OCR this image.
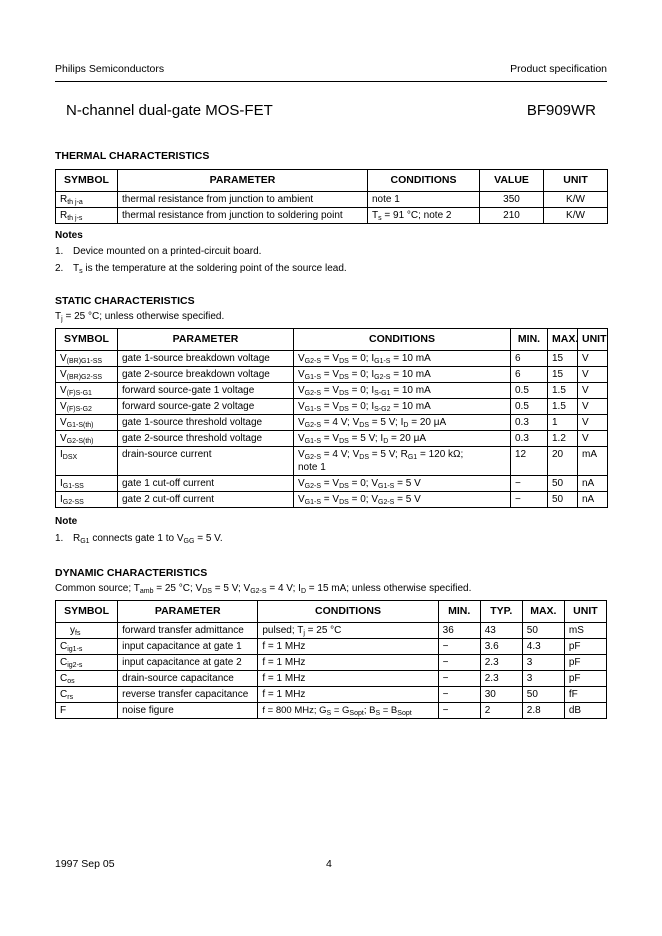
Philips Semiconductors	Product specification
N-channel dual-gate MOS-FET	BF909WR
THERMAL CHARACTERISTICS
SYMBOL	PARAMETER	CONDITIONS	VALUE	UNIT
$R_{th j-a}$	thermal resistance from junction to ambient	note 1	350	K/W
$R_{th j-s}$	thermal resistance from junction to soldering point	$T_s = 91$ °C; note 2	210	K/W
Notes
1. Device mounted on a printed-circuit board.
2. $T_s$ is the temperature at the soldering point of the source lead.
STATIC CHARACTERISTICS
$T_j = 25$ °C; unless otherwise specified.
SYMBOL	PARAMETER	CONDITIONS	MIN.	MAX.	UNIT
$V_{(BR)G1-SS}$	gate 1-source breakdown voltage	$V_{G2-S} = V_{DS} = 0$; $I_{G1-S} = 10$ mA	6	15	V
$V_{(BR)G2-SS}$	gate 2-source breakdown voltage	$V_{G1-S} = V_{DS} = 0$; $I_{G2-S} = 10$ mA	6	15	V
$V_{(F)S-G1}$	forward source-gate 1 voltage	$V_{G2-S} = V_{DS} = 0$; $I_{S-G1} = 10$ mA	0.5	1.5	V
$V_{(F)S-G2}$	forward source-gate 2 voltage	$V_{G1-S} = V_{DS} = 0$; $I_{S-G2} = 10$ mA	0.5	1.5	V
$V_{G1-S(th)}$	gate 1-source threshold voltage	$V_{G2-S} = 4$ V; $V_{DS} = 5$ V; $I_D = 20$ μA	0.3	1	V
$V_{G2-S(th)}$	gate 2-source threshold voltage	$V_{G1-S} = V_{DS} = 5$ V; $I_D = 20$ μA	0.3	1.2	V
$I_{DSX}$	drain-source current	$V_{G2-S} = 4$ V; $V_{DS} = 5$ V; $R_{G1} = 120$ kΩ;
note 1	12	20	mA
$I_{G1-SS}$	gate 1 cut-off current	$V_{G2-S} = V_{DS} = 0$; $V_{G1-S} = 5$ V	−	50	nA
$I_{G2-SS}$	gate 2 cut-off current	$V_{G1-S} = V_{DS} = 0$; $V_{G2-S} = 5$ V	−	50	nA
Note
1. $R_{G1}$ connects gate 1 to $V_{GG} = 5$ V.
DYNAMIC CHARACTERISTICS
Common source; $T_{amb} = 25$ °C; $V_{DS} = 5$ V; $V_{G2-S} = 4$ V; $I_D = 15$ mA; unless otherwise specified.
SYMBOL	PARAMETER	CONDITIONS	MIN.	TYP.	MAX.	UNIT
$y_{fs}$	forward transfer admittance	pulsed; $T_j = 25$ °C	36	43	50	mS
$C_{ig1-s}$	input capacitance at gate 1	f = 1 MHz	−	3.6	4.3	pF
$C_{ig2-s}$	input capacitance at gate 2	f = 1 MHz	−	2.3	3	pF
$C_{os}$	drain-source capacitance	f = 1 MHz	−	2.3	3	pF
$C_{rs}$	reverse transfer capacitance	f = 1 MHz	−	30	50	fF
F	noise figure	f = 800 MHz; $G_S = G_{Sopt}$; $B_S = B_{Sopt}$	−	2	2.8	dB
1997 Sep 05	4
